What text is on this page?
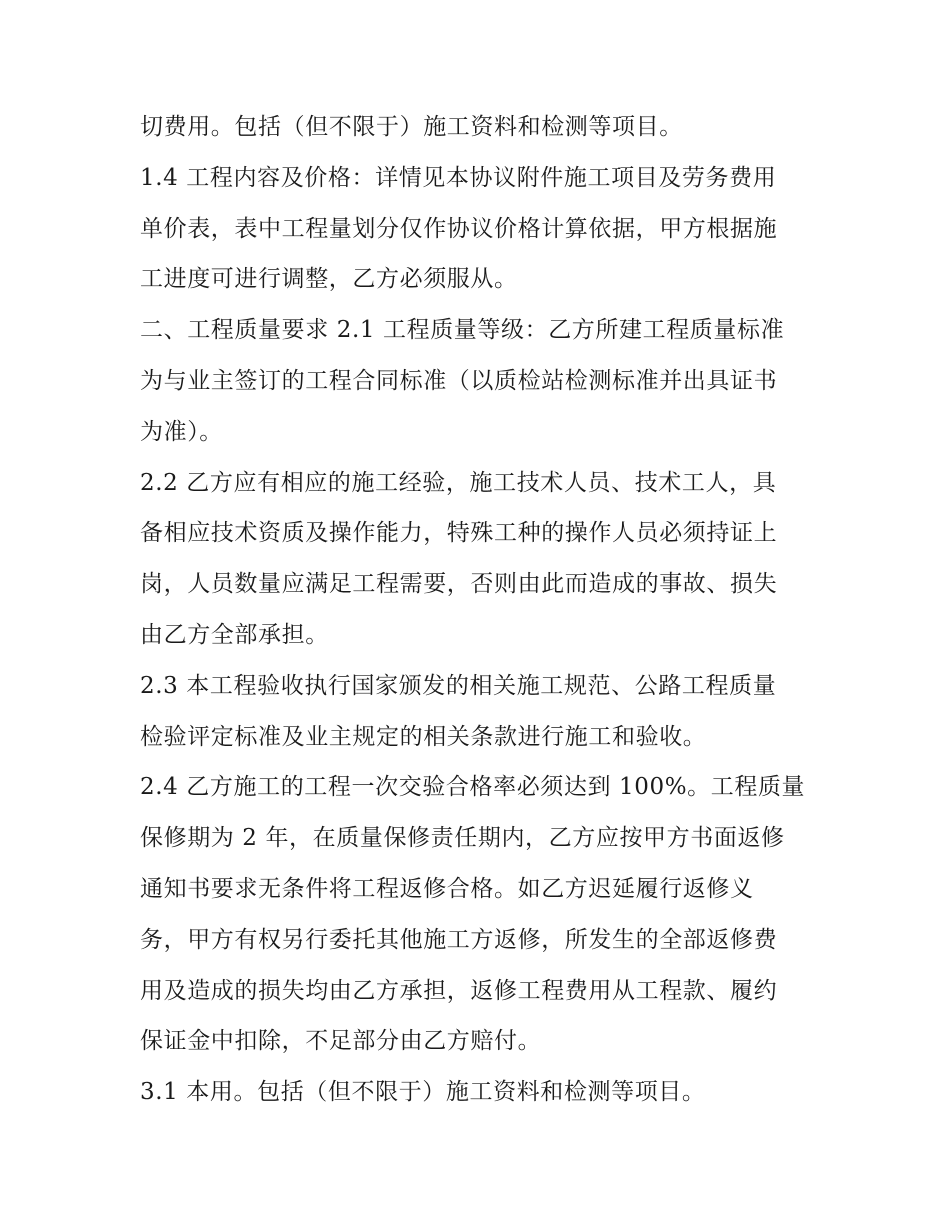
切费用。包括（但不限于）施工资料和检测等项目。
1.4 工程内容及价格：详情见本协议附件施工项目及劳务费用
单价表，表中工程量划分仅作协议价格计算依据，甲方根据施
工进度可进行调整，乙方必须服从。
二、工程质量要求 2.1 工程质量等级：乙方所建工程质量标准
为与业主签订的工程合同标准（以质检站检测标准并出具证书
为准）。
2.2 乙方应有相应的施工经验，施工技术人员、技术工人，具
备相应技术资质及操作能力，特殊工种的操作人员必须持证上
岗，人员数量应满足工程需要，否则由此而造成的事故、损失
由乙方全部承担。
2.3 本工程验收执行国家颁发的相关施工规范、公路工程质量
检验评定标准及业主规定的相关条款进行施工和验收。
2.4 乙方施工的工程一次交验合格率必须达到 100%。工程质量
保修期为 2 年，在质量保修责任期内，乙方应按甲方书面返修
通知书要求无条件将工程返修合格。如乙方迟延履行返修义
务，甲方有权另行委托其他施工方返修，所发生的全部返修费
用及造成的损失均由乙方承担，返修工程费用从工程款、履约
保证金中扣除，不足部分由乙方赔付。
3.1 本用。包括（但不限于）施工资料和检测等项目。
